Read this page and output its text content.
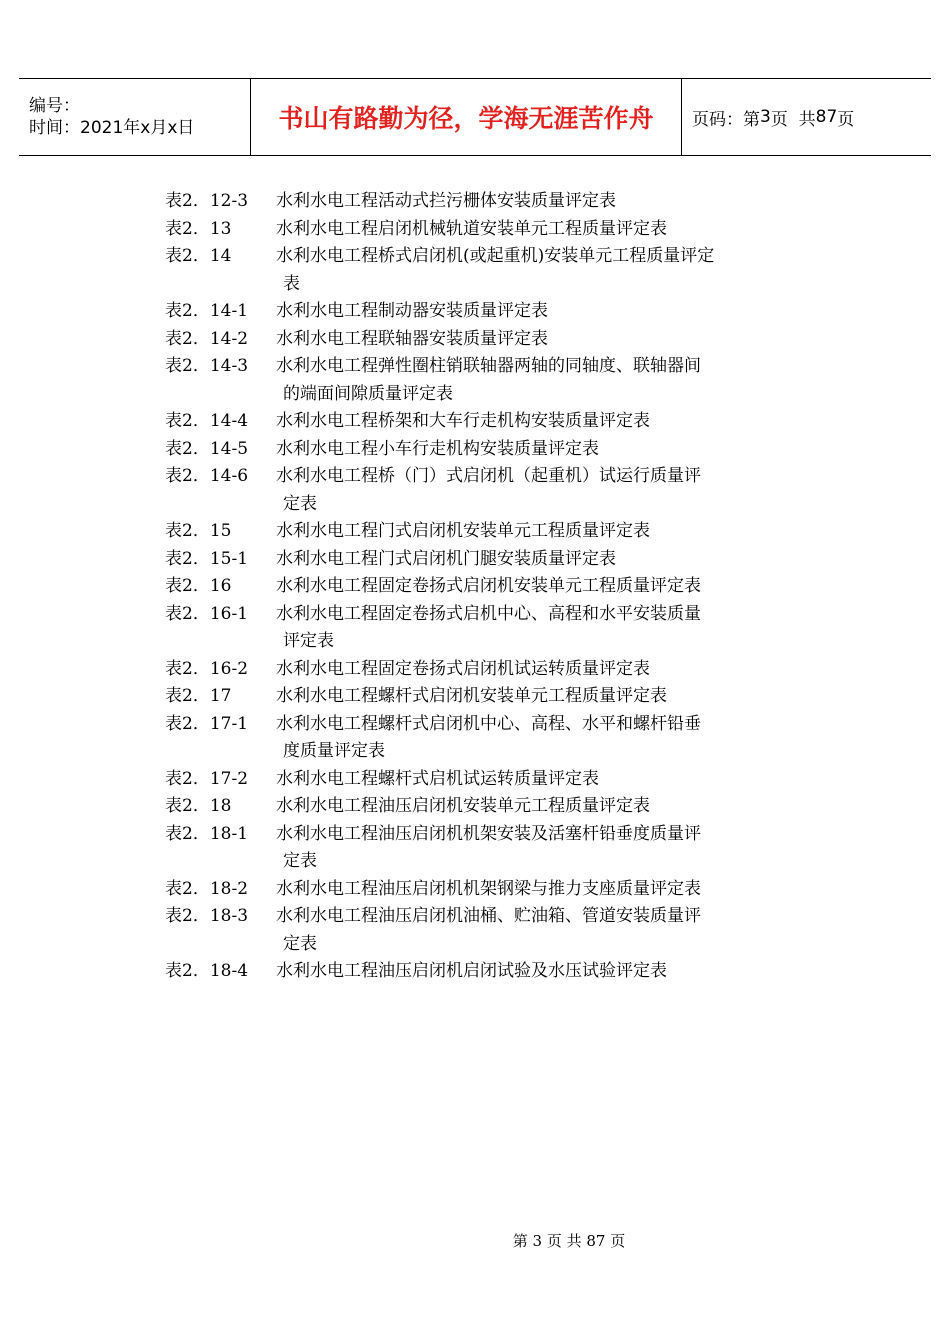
编号：
时间：2021年x月x日	书山有路勤为径，学海无涯苦作舟	页码：第 3 页  共 87 页
表2．12-3	水利水电工程活动式拦污栅体安装质量评定表
表2．13	水利水电工程启闭机械轨道安装单元工程质量评定表
表2．14	水利水电工程桥式启闭机(或起重机)安装单元工程质量评定
表
表2．14-1	水利水电工程制动器安装质量评定表
表2．14-2	水利水电工程联轴器安装质量评定表
表2．14-3	水利水电工程弹性圈柱销联轴器两轴的同轴度、联轴器间
的端面间隙质量评定表
表2．14-4	水利水电工程桥架和大车行走机构安装质量评定表
表2．14-5	水利水电工程小车行走机构安装质量评定表
表2．14-6	水利水电工程桥（门）式启闭机（起重机）试运行质量评
定表
表2．15	水利水电工程门式启闭机安装单元工程质量评定表
表2．15-1	水利水电工程门式启闭机门腿安装质量评定表
表2．16	水利水电工程固定卷扬式启闭机安装单元工程质量评定表
表2．16-1	水利水电工程固定卷扬式启机中心、高程和水平安装质量
评定表
表2．16-2	水利水电工程固定卷扬式启闭机试运转质量评定表
表2．17	水利水电工程螺杆式启闭机安装单元工程质量评定表
表2．17-1	水利水电工程螺杆式启闭机中心、高程、水平和螺杆铅垂
度质量评定表
表2．17-2	水利水电工程螺杆式启机试运转质量评定表
表2．18	水利水电工程油压启闭机安装单元工程质量评定表
表2．18-1	水利水电工程油压启闭机机架安装及活塞杆铅垂度质量评
定表
表2．18-2	水利水电工程油压启闭机机架钢梁与推力支座质量评定表
表2．18-3	水利水电工程油压启闭机油桶、贮油箱、管道安装质量评
定表
表2．18-4	水利水电工程油压启闭机启闭试验及水压试验评定表
第 3 页 共 87 页
